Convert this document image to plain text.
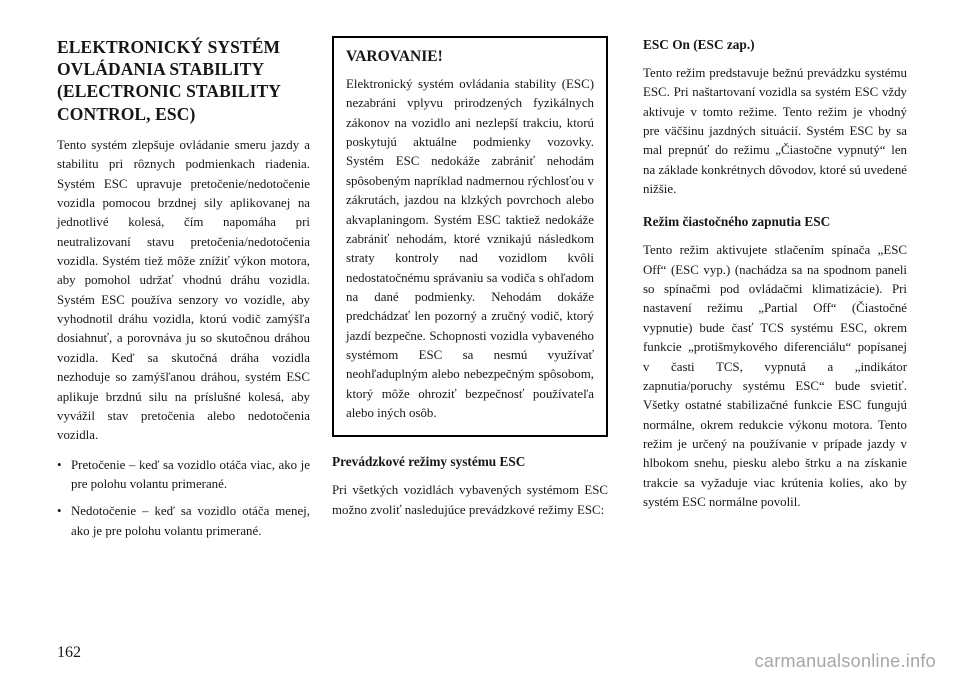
ELEKTRONICKÝ SYSTÉM OVLÁDANIA STABILITY (ELECTRONIC STABILITY CONTROL, ESC)

Tento systém zlepšuje ovládanie smeru jazdy a stabilitu pri rôznych podmienkach riadenia. Systém ESC upravuje pretočenie/nedotočenie vozidla pomocou brzdnej sily aplikovanej na jednotlivé kolesá, čím napomáha pri neutralizovaní stavu pretočenia/nedotočenia vozidla. Systém tiež môže znížiť výkon motora, aby pomohol udržať vhodnú dráhu vozidla. Systém ESC používa senzory vo vozidle, aby vyhodnotil dráhu vozidla, ktorú vodič zamýšľa dosiahnuť, a porovnáva ju so skutočnou dráhou vozidla. Keď sa skutočná dráha vozidla nezhoduje so zamýšľanou dráhou, systém ESC aplikuje brzdnú silu na príslušné kolesá, aby vyvážil stav pretočenia alebo nedotočenia vozidla.

• Pretočenie – keď sa vozidlo otáča viac, ako je pre polohu volantu primerané.
• Nedotočenie – keď sa vozidlo otáča menej, ako je pre polohu volantu primerané.
VAROVANIE!

Elektronický systém ovládania stability (ESC) nezabráni vplyvu prirodzených fyzikálnych zákonov na vozidlo ani nezlepší trakciu, ktorú poskytujú aktuálne podmienky vozovky. Systém ESC nedokáže zabrániť nehodám spôsobeným napríklad nadmernou rýchlosťou v zákrutách, jazdou na klzkých povrchoch alebo akvaplaningom. Systém ESC taktiež nedokáže zabrániť nehodám, ktoré vznikajú následkom straty kontroly nad vozidlom kvôli nedostatočnému správaniu sa vodiča s ohľadom na dané podmienky. Nehodám dokáže predchádzať len pozorný a zručný vodič, ktorý jazdí bezpečne. Schopnosti vozidla vybaveného systémom ESC sa nesmú využívať neohľaduplným alebo nebezpečným spôsobom, ktorý môže ohroziť bezpečnosť používateľa alebo iných osôb.

Prevádzkové režimy systému ESC

Pri všetkých vozidlách vybavených systémom ESC možno zvoliť nasledujúce prevádzkové režimy ESC:

ESC On (ESC zap.)

Tento režim predstavuje bežnú prevádzku systému ESC. Pri naštartovaní vozidla sa systém ESC vždy aktivuje v tomto režime. Tento režim je vhodný pre väčšinu jazdných situácií. Systém ESC by sa mal prepnúť do režimu „Čiastočne vypnutý“ len na základe konkrétnych dôvodov, ktoré sú uvedené nižšie.

Režim čiastočného zapnutia ESC

Tento režim aktivujete stlačením spínača „ESC Off“ (ESC vyp.) (nachádza sa na spodnom paneli so spínačmi pod ovládačmi klimatizácie). Pri nastavení režimu „Partial Off“ (Čiastočné vypnutie) bude časť TCS systému ESC, okrem funkcie „protišmykového diferenciálu“ popísanej v časti TCS, vypnutá a „indikátor zapnutia/poruchy systému ESC“ bude svietiť. Všetky ostatné stabilizačné funkcie ESC fungujú normálne, okrem redukcie výkonu motora. Tento režim je určený na používanie v prípade jazdy v hlbokom snehu, piesku alebo štrku a na získanie trakcie sa vyžaduje viac krútenia kolies, ako by systém ESC normálne povolil.

162	carmanualsonline.info
